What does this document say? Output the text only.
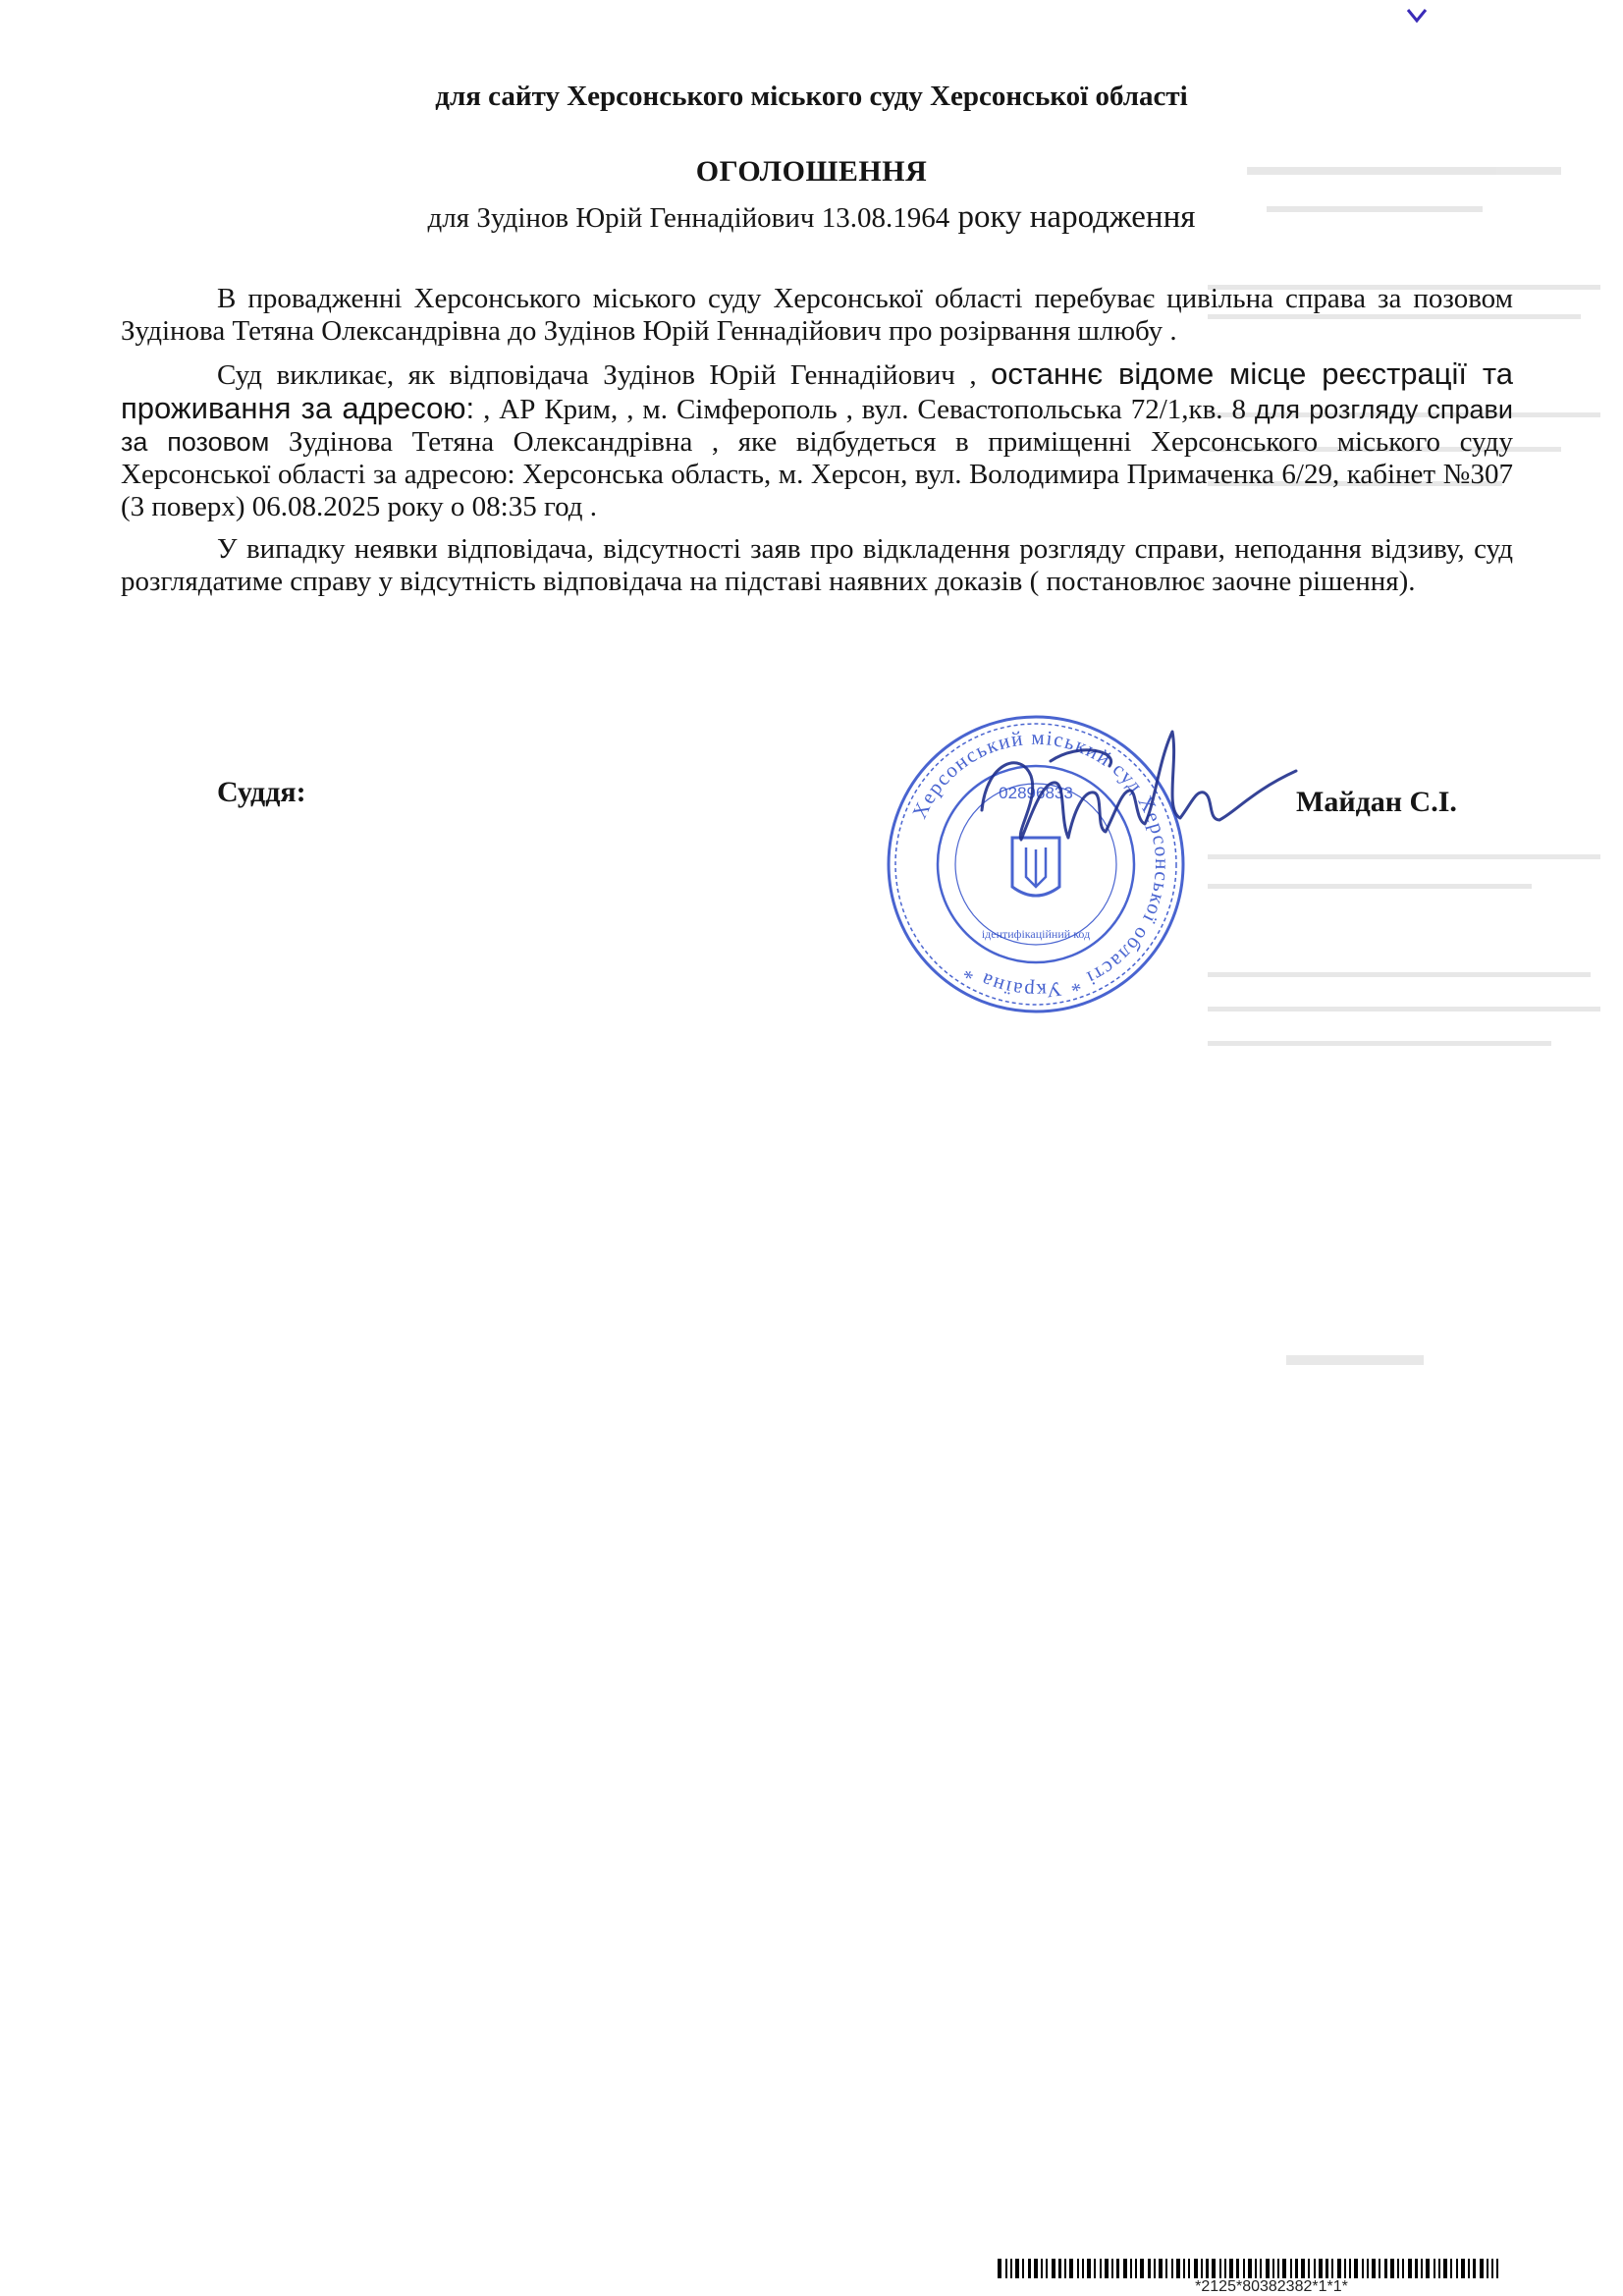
для сайту Херсонського міського суду Херсонської області
ОГОЛОШЕННЯ
для Зудінов Юрій Геннадійович 13.08.1964 року народження

В провадженні Херсонського міського суду Херсонської області перебуває цивільна справа за позовом Зудінова Тетяна Олександрівна до Зудінов Юрій Геннадійович про розірвання шлюбу .

Суд викликає, як відповідача Зудінов Юрій Геннадійович , останнє відоме місце реєстрації та проживання за адресою: , АР Крим, , м. Сімферополь , вул. Севастопольська 72/1,кв. 8 для розгляду справи за позовом Зудінова Тетяна Олександрівна , яке відбудеться в приміщенні Херсонського міського суду Херсонської області за адресою: Херсонська область, м. Херсон, вул. Володимира Примаченка 6/29, кабінет №307 (3 поверх) 06.08.2025 року о 08:35 год .

У випадку неявки відповідача, відсутності заяв про відкладення розгляду справи, неподання відзиву, суд розглядатиме справу у відсутність відповідача на підставі наявних доказів ( постановлює заочне рішення).

Суддя:	Майдан С.І.
Херсонський міський суд Херсонської області * Україна *
02896833
ідентифікаційний код
*2125*80382382*1*1*
